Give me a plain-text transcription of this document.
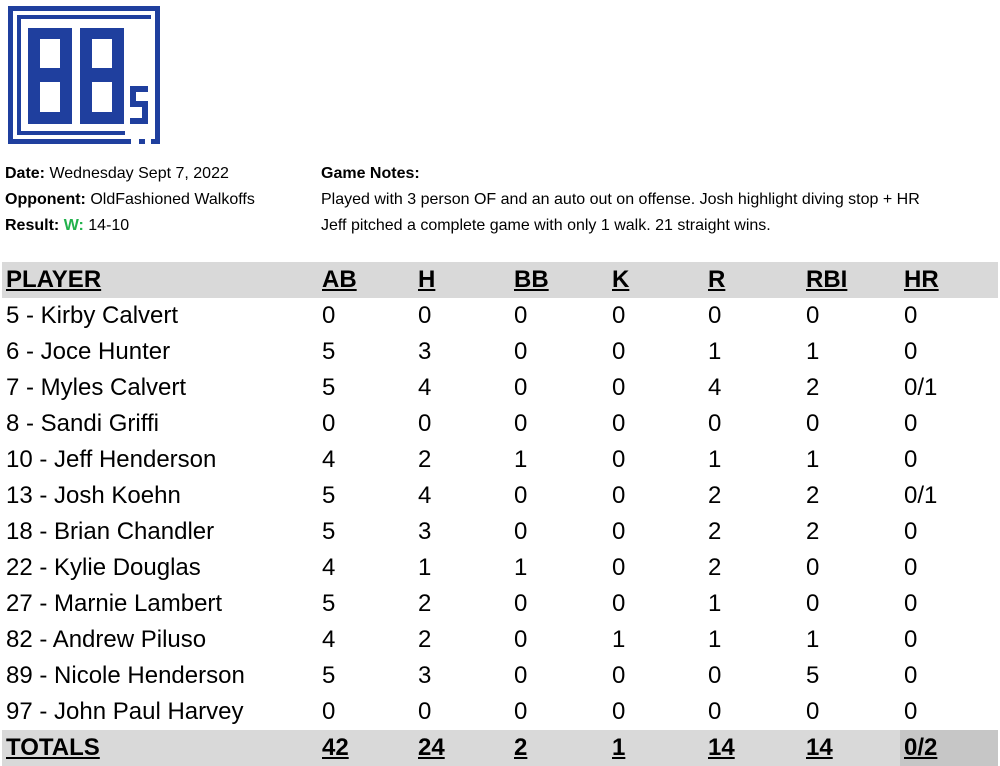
Date: Wednesday Sept 7, 2022
Opponent: OldFashioned Walkoffs
Result: W: 14-10
Game Notes:
Played with 3 person OF and an auto out on offense. Josh highlight diving stop + HR
Jeff pitched a complete game with only 1 walk. 21 straight wins.
PLAYER	AB	H	BB	K	R	RBI	HR
5 - Kirby Calvert	0	0	0	0	0	0	0
6 - Joce Hunter	5	3	0	0	1	1	0
7 - Myles Calvert	5	4	0	0	4	2	0/1
8 - Sandi Griffi	0	0	0	0	0	0	0
10 - Jeff Henderson	4	2	1	0	1	1	0
13 - Josh Koehn	5	4	0	0	2	2	0/1
18 - Brian Chandler	5	3	0	0	2	2	0
22 - Kylie Douglas	4	1	1	0	2	0	0
27 - Marnie Lambert	5	2	0	0	1	0	0
82 - Andrew Piluso	4	2	0	1	1	1	0
89 - Nicole Henderson	5	3	0	0	0	5	0
97 - John Paul Harvey	0	0	0	0	0	0	0
TOTALS	42	24	2	1	14	14	0/2
